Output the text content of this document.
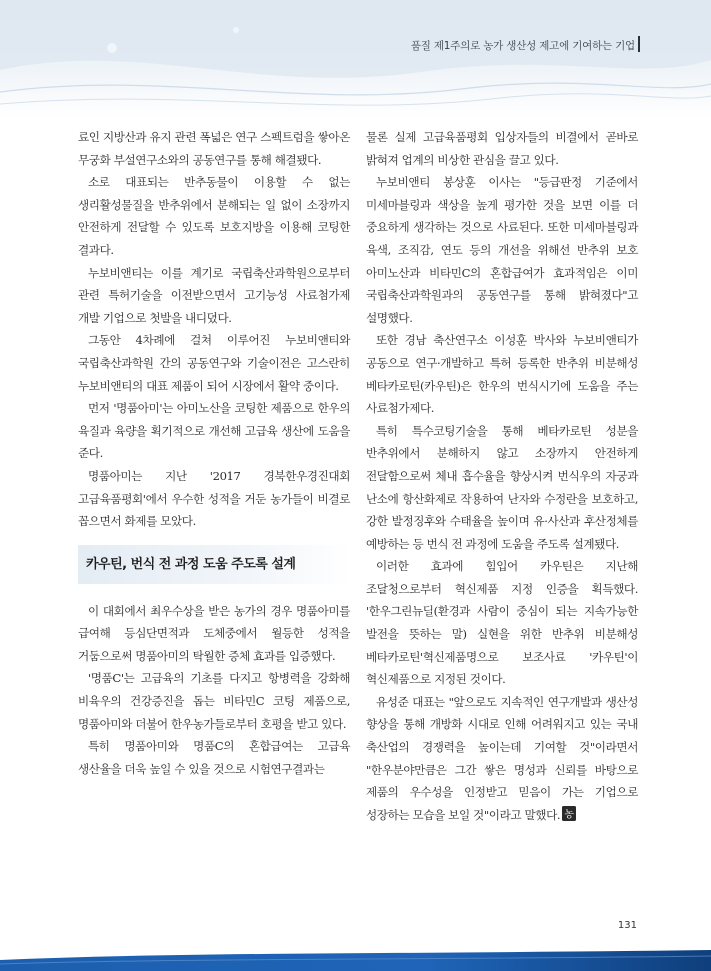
품질 제1주의로 농가 생산성 제고에 기여하는 기업

료인 지방산과 유지 관련 폭넓은 연구 스펙트럼을 쌓아온 무궁화 부설연구소와의 공동연구를 통해 해결됐다.

소로 대표되는 반추동물이 이용할 수 없는 생리활성물질을 반추위에서 분해되는 일 없이 소장까지 안전하게 전달할 수 있도록 보호지방을 이용해 코팅한 결과다.

누보비앤티는 이를 계기로 국립축산과학원으로부터 관련 특허기술을 이전받으면서 고기능성 사료첨가제 개발 기업으로 첫발을 내디뎠다.

그동안 4차례에 걸쳐 이루어진 누보비앤티와 국립축산과학원 간의 공동연구와 기술이전은 고스란히 누보비앤티의 대표 제품이 되어 시장에서 활약 중이다.

먼저 '명품아미'는 아미노산을 코팅한 제품으로 한우의 육질과 육량을 획기적으로 개선해 고급육 생산에 도움을 준다.

명품아미는 지난 '2017 경북한우경진대회 고급육품평회'에서 우수한 성적을 거둔 농가들이 비결로 꼽으면서 화제를 모았다.

카우틴, 번식 전 과정 도움 주도록 설계

이 대회에서 최우수상을 받은 농가의 경우 명품아미를 급여해 등심단면적과 도체중에서 월등한 성적을 거둠으로써 명품아미의 탁월한 증체 효과를 입증했다.

'명품C'는 고급육의 기초를 다지고 항병력을 강화해 비육우의 건강증진을 돕는 비타민C 코팅 제품으로, 명품아미와 더불어 한우농가들로부터 호평을 받고 있다.

특히 명품아미와 명품C의 혼합급여는 고급육 생산율을 더욱 높일 수 있을 것으로 시험연구결과는

물론 실제 고급육품평회 입상자들의 비결에서 곧바로 밝혀져 업계의 비상한 관심을 끌고 있다.

누보비앤티 봉상훈 이사는 "등급판정 기준에서 미세마블링과 색상을 높게 평가한 것을 보면 이를 더 중요하게 생각하는 것으로 사료된다. 또한 미세마블링과 육색, 조직감, 연도 등의 개선을 위해선 반추위 보호 아미노산과 비타민C의 혼합급여가 효과적임은 이미 국립축산과학원과의 공동연구를 통해 밝혀졌다"고 설명했다.

또한 경남 축산연구소 이성훈 박사와 누보비앤티가 공동으로 연구·개발하고 특허 등록한 반추위 비분해성 베타카로틴(카우틴)은 한우의 번식시기에 도움을 주는 사료첨가제다.

특히 특수코팅기술을 통해 베타카로틴 성분을 반추위에서 분해하지 않고 소장까지 안전하게 전달함으로써 체내 흡수율을 향상시켜 번식우의 자궁과 난소에 항산화제로 작용하여 난자와 수정란을 보호하고, 강한 발정징후와 수태율을 높이며 유·사산과 후산정체를 예방하는 등 번식 전 과정에 도움을 주도록 설계됐다.

이러한 효과에 힘입어 카우틴은 지난해 조달청으로부터 혁신제품 지정 인증을 획득했다. '한우그린뉴딜(환경과 사람이 중심이 되는 지속가능한 발전을 뜻하는 말) 실현을 위한 반추위 비분해성 베타카로틴'혁신제품명으로 보조사료 '카우틴'이 혁신제품으로 지정된 것이다.

유성준 대표는 "앞으로도 지속적인 연구개발과 생산성 향상을 통해 개방화 시대로 인해 어려워지고 있는 국내 축산업의 경쟁력을 높이는데 기여할 것"이라면서 "한우분야만큼은 그간 쌓은 명성과 신뢰를 바탕으로 제품의 우수성을 인정받고 믿음이 가는 기업으로 성장하는 모습을 보일 것"이라고 말했다. 농

131
